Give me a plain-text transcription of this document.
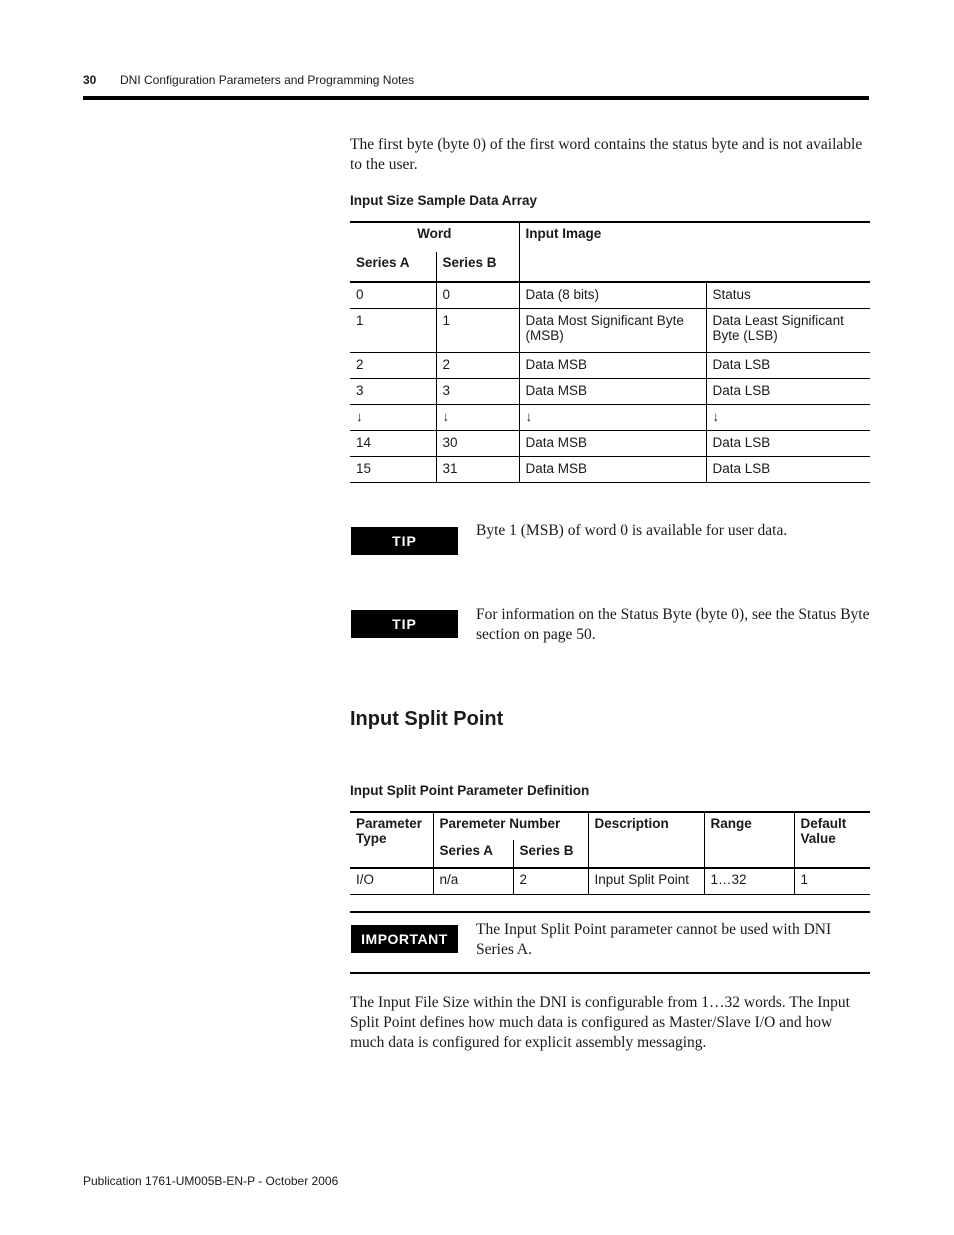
30 DNI Configuration Parameters and Programming Notes
The first byte (byte 0) of the first word contains the status byte and is not available to the user.
Input Size Sample Data Array
Word		Input Image	
Series A	Series B		
0	0	Data (8 bits)	Status
1	1	Data Most Significant Byte (MSB)	Data Least Significant Byte (LSB)
2	2	Data MSB	Data LSB
3	3	Data MSB	Data LSB
↓	↓	↓	↓
14	30	Data MSB	Data LSB
15	31	Data MSB	Data LSB
TIP
Byte 1 (MSB) of word 0 is available for user data.
TIP
For information on the Status Byte (byte 0), see the Status Byte section on page 50.
Input Split Point
Input Split Point Parameter Definition
Parameter Type	Paremeter Number		Description	Range	Default Value
	Series A	Series B			
I/O	n/a	2	Input Split Point	1…32	1
IMPORTANT
The Input Split Point parameter cannot be used with DNI Series A.
The Input File Size within the DNI is configurable from 1…32 words. The Input Split Point defines how much data is configured as Master/Slave I/O and how much data is configured for explicit assembly messaging.
Publication 1761-UM005B-EN-P - October 2006
